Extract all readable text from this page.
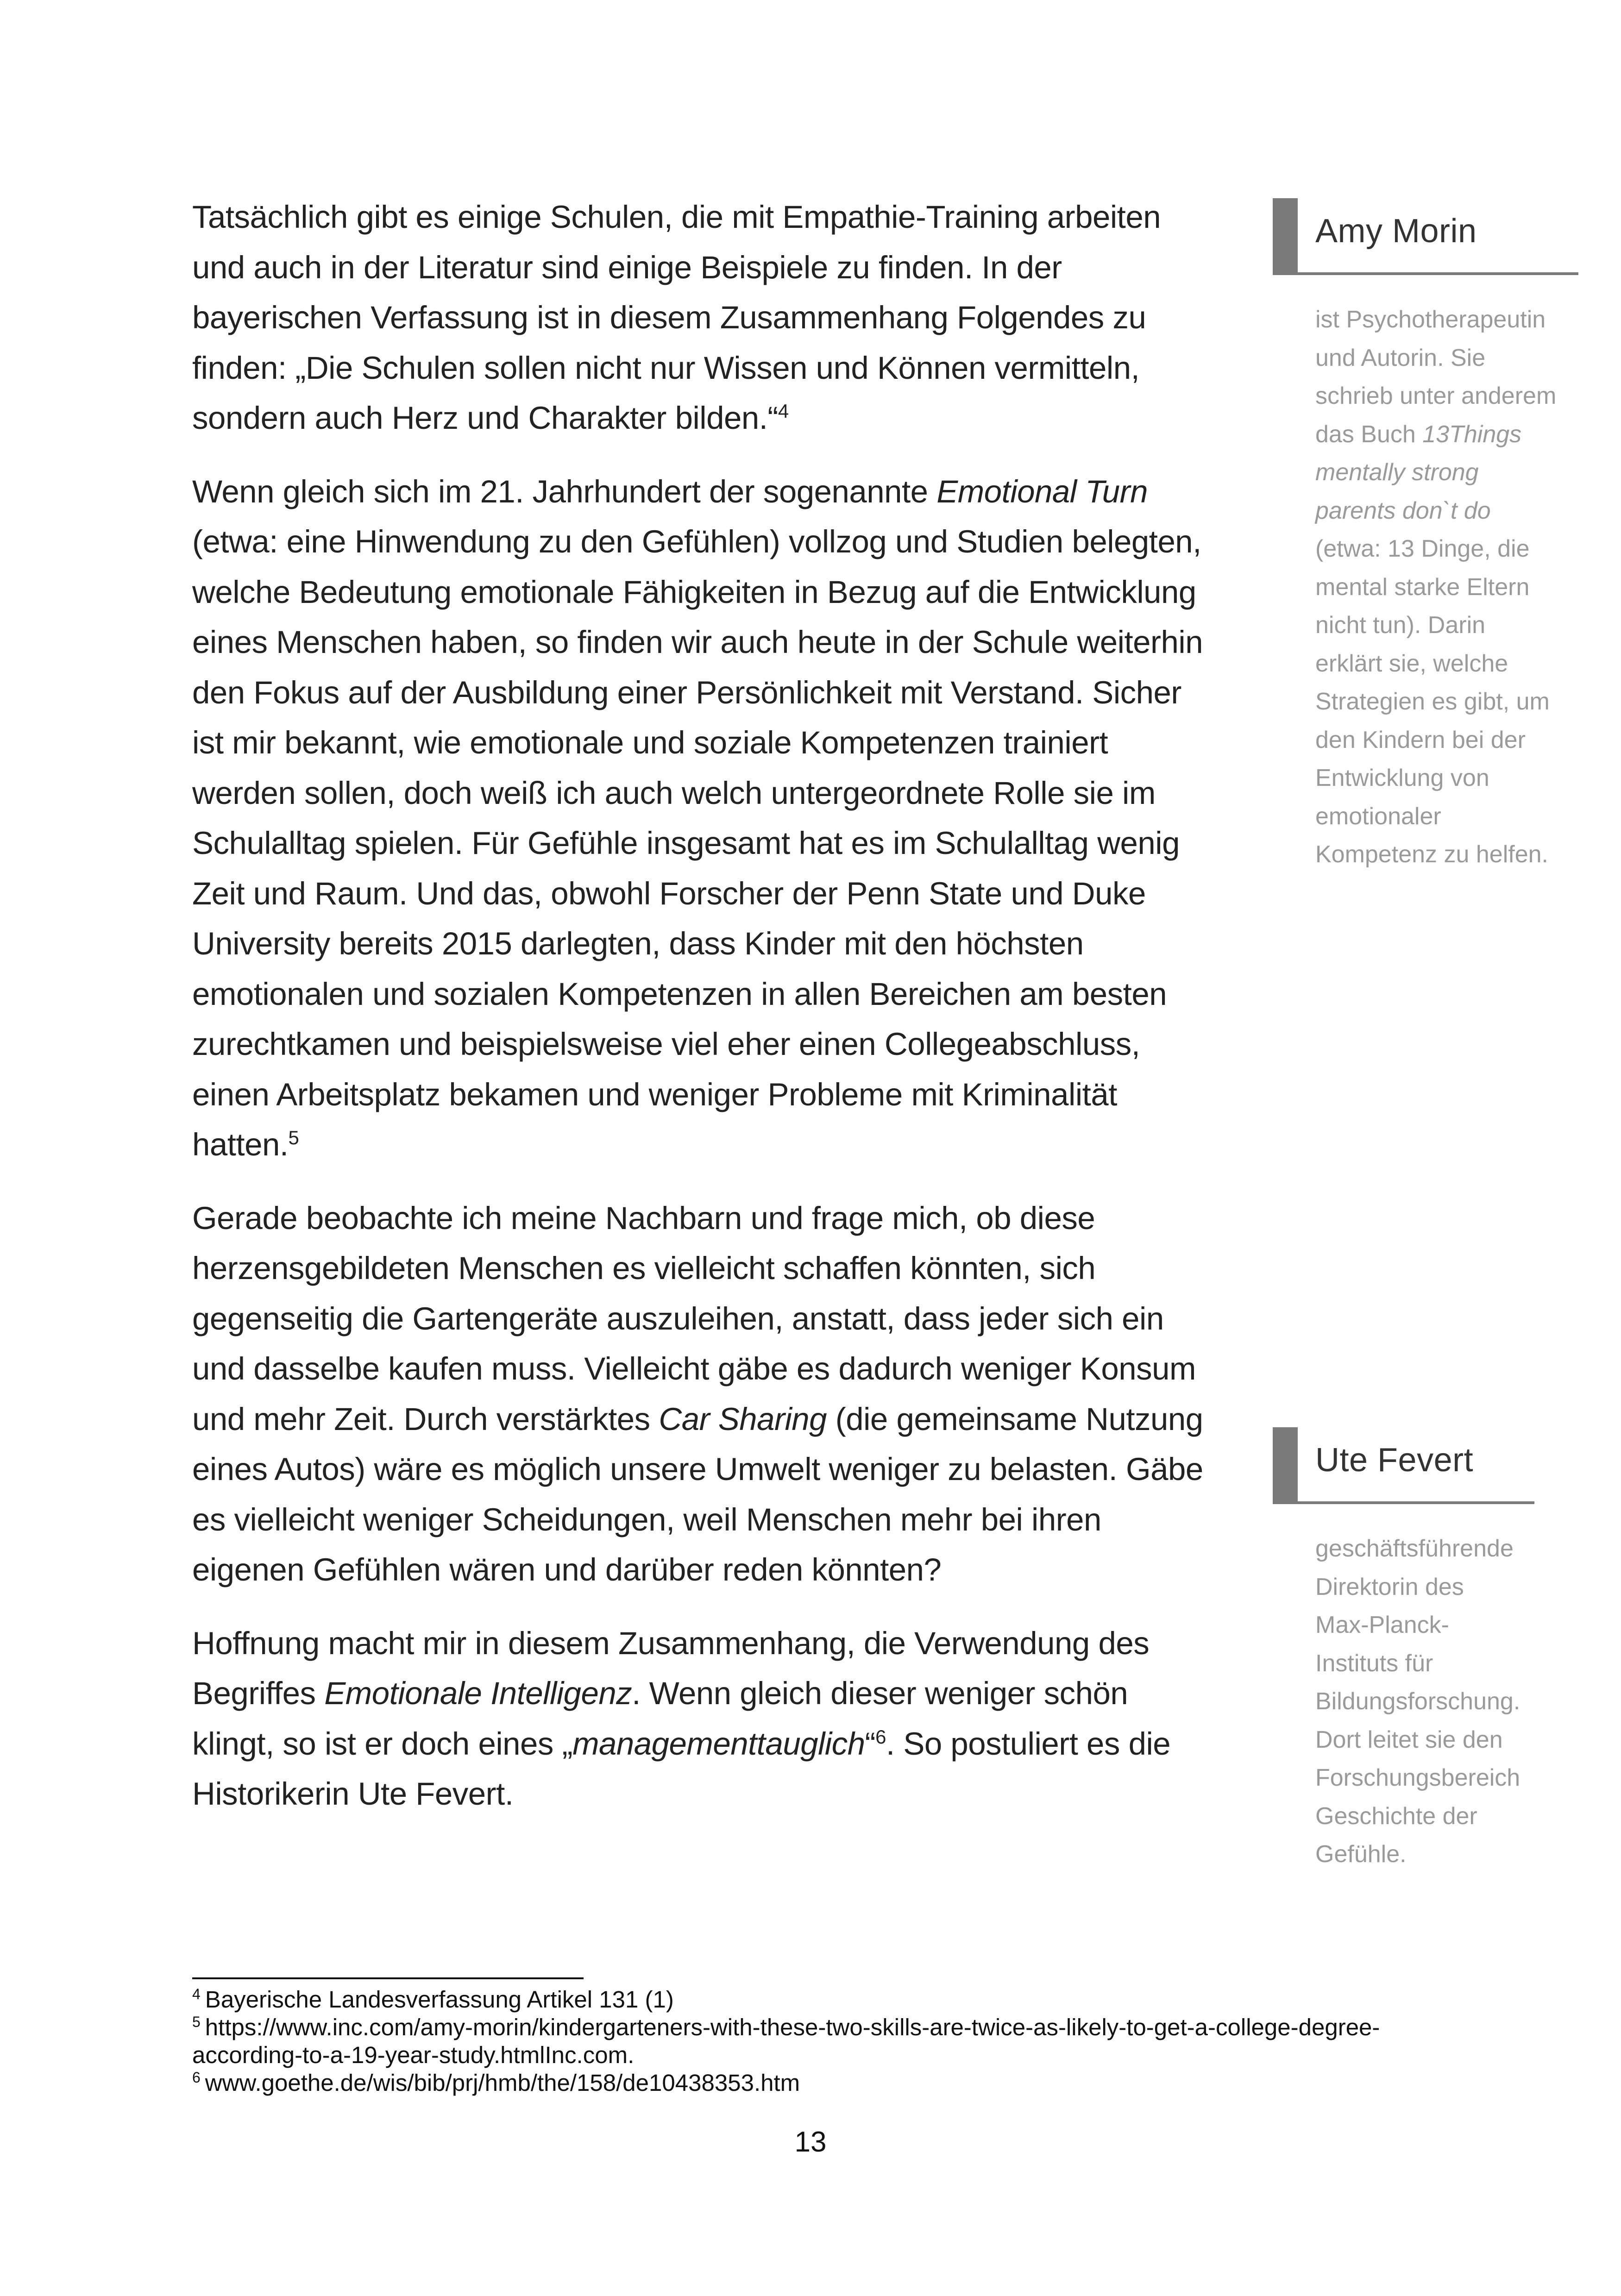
Tatsächlich gibt es einige Schulen, die mit Empathie-Training arbeiten und auch in der Literatur sind einige Beispiele zu finden. In der bayerischen Verfassung ist in diesem Zusammenhang Folgendes zu finden: „Die Schulen sollen nicht nur Wissen und Können vermitteln, sondern auch Herz und Charakter bilden.“$^4$

Wenn gleich sich im 21. Jahrhundert der sogenannte Emotional Turn (etwa: eine Hinwendung zu den Gefühlen) vollzog und Studien belegten, welche Bedeutung emotionale Fähigkeiten in Bezug auf die Entwicklung eines Menschen haben, so finden wir auch heute in der Schule weiterhin den Fokus auf der Ausbildung einer Persönlichkeit mit Verstand. Sicher ist mir bekannt, wie emotionale und soziale Kompetenzen trainiert werden sollen, doch weiß ich auch welch untergeordnete Rolle sie im Schulalltag spielen. Für Gefühle insgesamt hat es im Schulalltag wenig Zeit und Raum. Und das, obwohl Forscher der Penn State und Duke University bereits 2015 darlegten, dass Kinder mit den höchsten emotionalen und sozialen Kompetenzen in allen Bereichen am besten zurechtkamen und beispielsweise viel eher einen Collegeabschluss, einen Arbeitsplatz bekamen und weniger Probleme mit Kriminalität hatten.$^5$

Gerade beobachte ich meine Nachbarn und frage mich, ob diese herzensgebildeten Menschen es vielleicht schaffen könnten, sich gegenseitig die Gartengeräte auszuleihen, anstatt, dass jeder sich ein und dasselbe kaufen muss. Vielleicht gäbe es dadurch weniger Konsum und mehr Zeit. Durch verstärktes Car Sharing (die gemeinsame Nutzung eines Autos) wäre es möglich unsere Umwelt weniger zu belasten. Gäbe es vielleicht weniger Scheidungen, weil Menschen mehr bei ihren eigenen Gefühlen wären und darüber reden könnten?

Hoffnung macht mir in diesem Zusammenhang, die Verwendung des Begriffes Emotionale Intelligenz. Wenn gleich dieser weniger schön klingt, so ist er doch eines „managementtauglich“$^6$. So postuliert es die Historikerin Ute Fevert.

Amy Morin
ist Psychotherapeutin
und Autorin. Sie
schrieb unter anderem
das Buch 13Things
mentally strong
parents don`t do
(etwa: 13 Dinge, die
mental starke Eltern
nicht tun). Darin
erklärt sie, welche
Strategien es gibt, um
den Kindern bei der
Entwicklung von
emotionaler
Kompetenz zu helfen.
Ute Fevert
geschäftsführende
Direktorin des
Max-Planck-
Instituts für
Bildungsforschung.
Dort leitet sie den
Forschungsbereich
Geschichte der
Gefühle.
$^4$ Bayerische Landesverfassung Artikel 131 (1)
$^5$ https://www.inc.com/amy-morin/kindergarteners-with-these-two-skills-are-twice-as-likely-to-get-a-college-degree-according-to-a-19-year-study.htmlInc.com.
$^6$ www.goethe.de/wis/bib/prj/hmb/the/158/de10438353.htm
13
